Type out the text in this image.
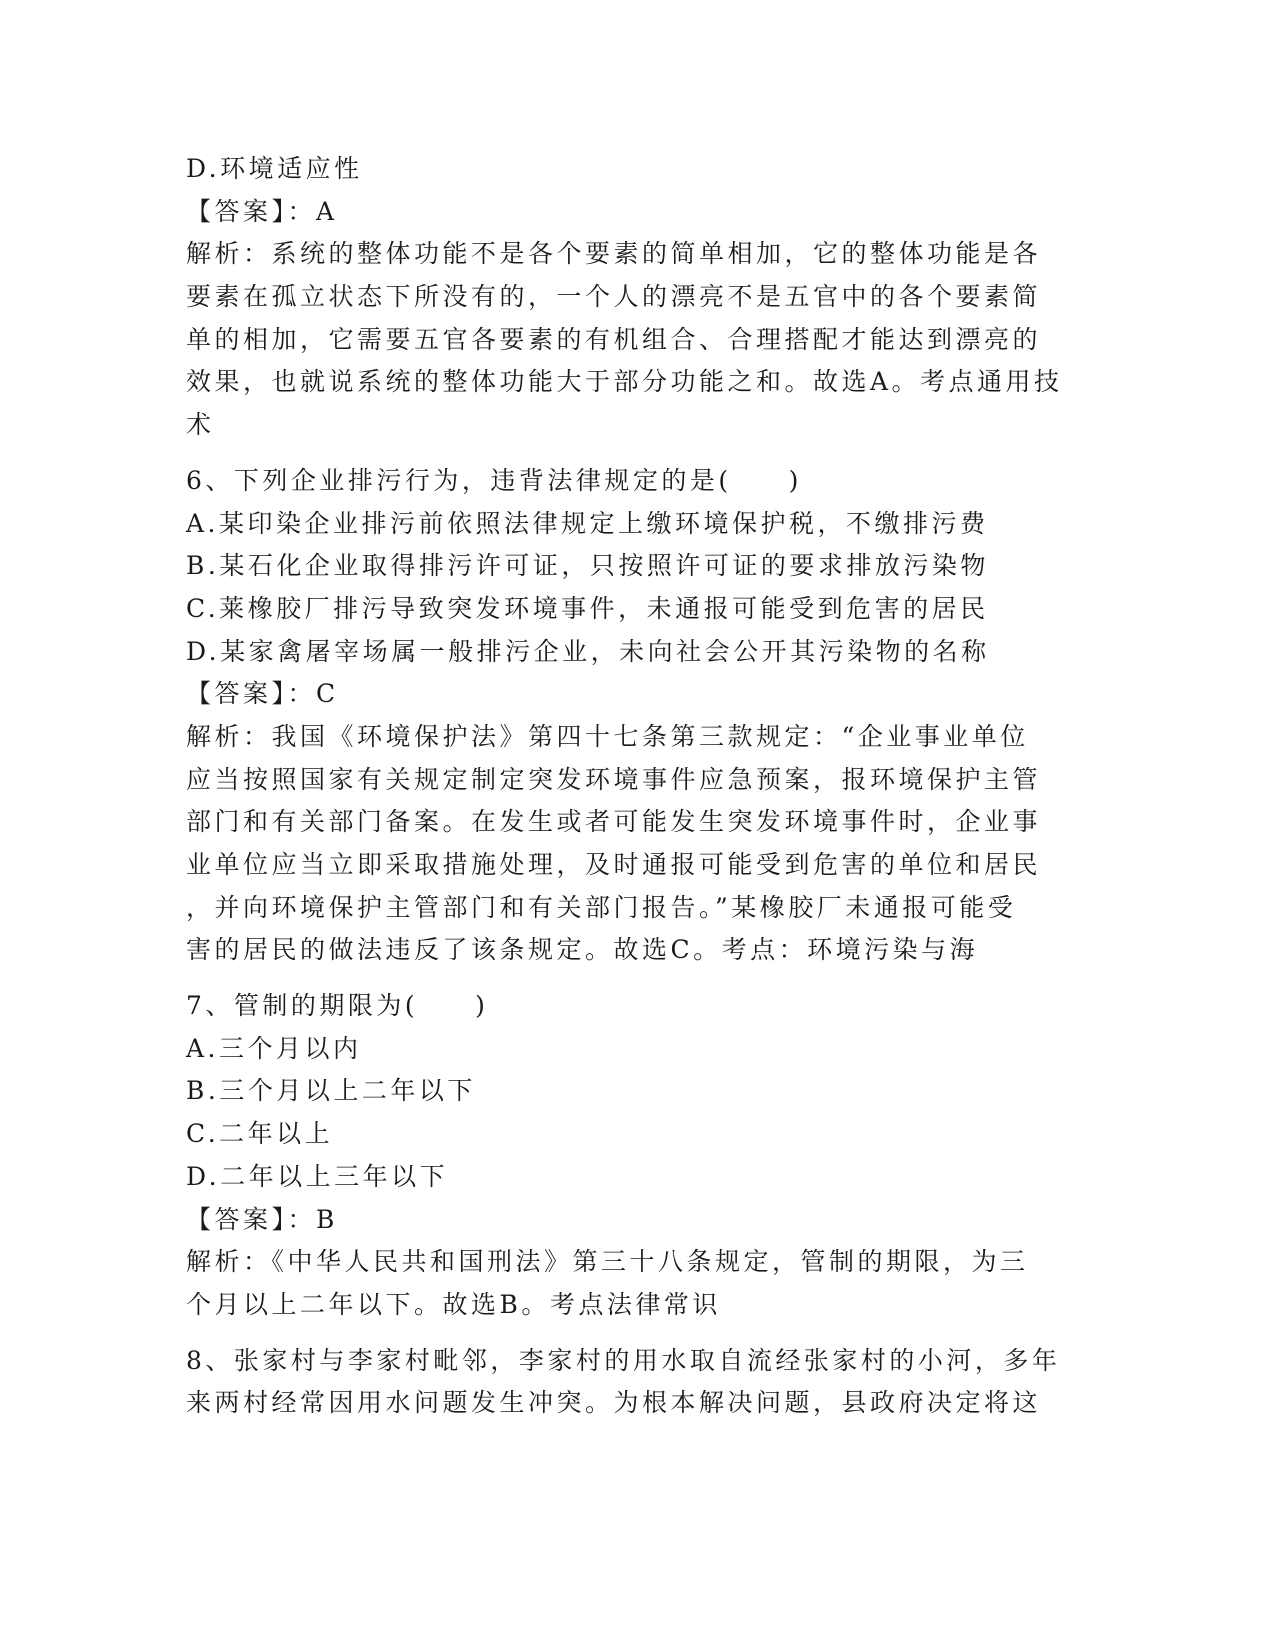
D.环境适应性
【答案】：A
解析：系统的整体功能不是各个要素的简单相加，它的整体功能是各
要素在孤立状态下所没有的，一个人的漂亮不是五官中的各个要素简
单的相加，它需要五官各要素的有机组合、合理搭配才能达到漂亮的
效果，也就说系统的整体功能大于部分功能之和。故选A。考点通用技
术
6、下列企业排污行为，违背法律规定的是(　　)
A.某印染企业排污前依照法律规定上缴环境保护税，不缴排污费
B.某石化企业取得排污许可证，只按照许可证的要求排放污染物
C.莱橡胶厂排污导致突发环境事件，未通报可能受到危害的居民
D.某家禽屠宰场属一般排污企业，未向社会公开其污染物的名称
【答案】：C
解析：我国《环境保护法》第四十七条第三款规定：“企业事业单位
应当按照国家有关规定制定突发环境事件应急预案，报环境保护主管
部门和有关部门备案。在发生或者可能发生突发环境事件时，企业事
业单位应当立即采取措施处理，及时通报可能受到危害的单位和居民
，并向环境保护主管部门和有关部门报告。”某橡胶厂未通报可能受
害的居民的做法违反了该条规定。故选C。考点：环境污染与海
7、管制的期限为(　　)
A.三个月以内
B.三个月以上二年以下
C.二年以上
D.二年以上三年以下
【答案】：B
解析：《中华人民共和国刑法》第三十八条规定，管制的期限，为三
个月以上二年以下。故选B。考点法律常识
8、张家村与李家村毗邻，李家村的用水取自流经张家村的小河，多年
来两村经常因用水问题发生冲突。为根本解决问题，县政府决定将这
